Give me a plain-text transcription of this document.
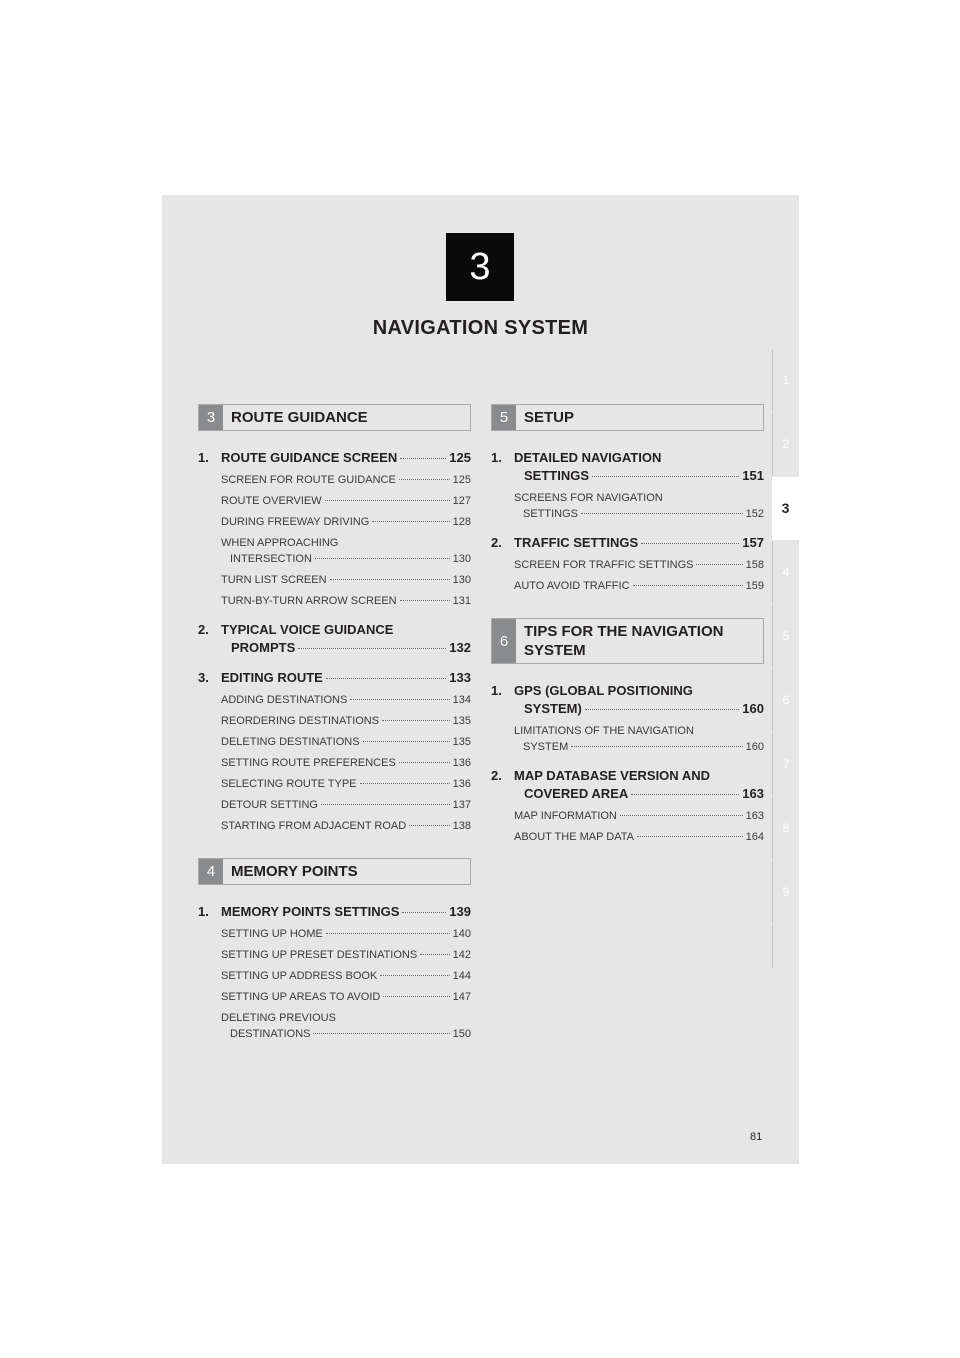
3
NAVIGATION SYSTEM
1
2
3
4
5
6
7
8
9
3	ROUTE GUIDANCE
1. ROUTE GUIDANCE SCREEN	125
SCREEN FOR ROUTE GUIDANCE	125
ROUTE OVERVIEW	127
DURING FREEWAY DRIVING	128
WHEN APPROACHING
INTERSECTION	130
TURN LIST SCREEN	130
TURN-BY-TURN ARROW SCREEN	131
2. TYPICAL VOICE GUIDANCE
PROMPTS	132
3. EDITING ROUTE	133
ADDING DESTINATIONS	134
REORDERING DESTINATIONS	135
DELETING DESTINATIONS	135
SETTING ROUTE PREFERENCES	136
SELECTING ROUTE TYPE	136
DETOUR SETTING	137
STARTING FROM ADJACENT ROAD	138
4	MEMORY POINTS
1. MEMORY POINTS SETTINGS	139
SETTING UP HOME	140
SETTING UP PRESET DESTINATIONS	142
SETTING UP ADDRESS BOOK	144
SETTING UP AREAS TO AVOID	147
DELETING PREVIOUS
DESTINATIONS	150
5	SETUP
1. DETAILED NAVIGATION
SETTINGS	151
SCREENS FOR NAVIGATION
SETTINGS	152
2. TRAFFIC SETTINGS	157
SCREEN FOR TRAFFIC SETTINGS	158
AUTO AVOID TRAFFIC	159
6
TIPS FOR THE NAVIGATION SYSTEM
1. GPS (GLOBAL POSITIONING
SYSTEM)	160
LIMITATIONS OF THE NAVIGATION
SYSTEM	160
2. MAP DATABASE VERSION AND
COVERED AREA	163
MAP INFORMATION	163
ABOUT THE MAP DATA	164
81
